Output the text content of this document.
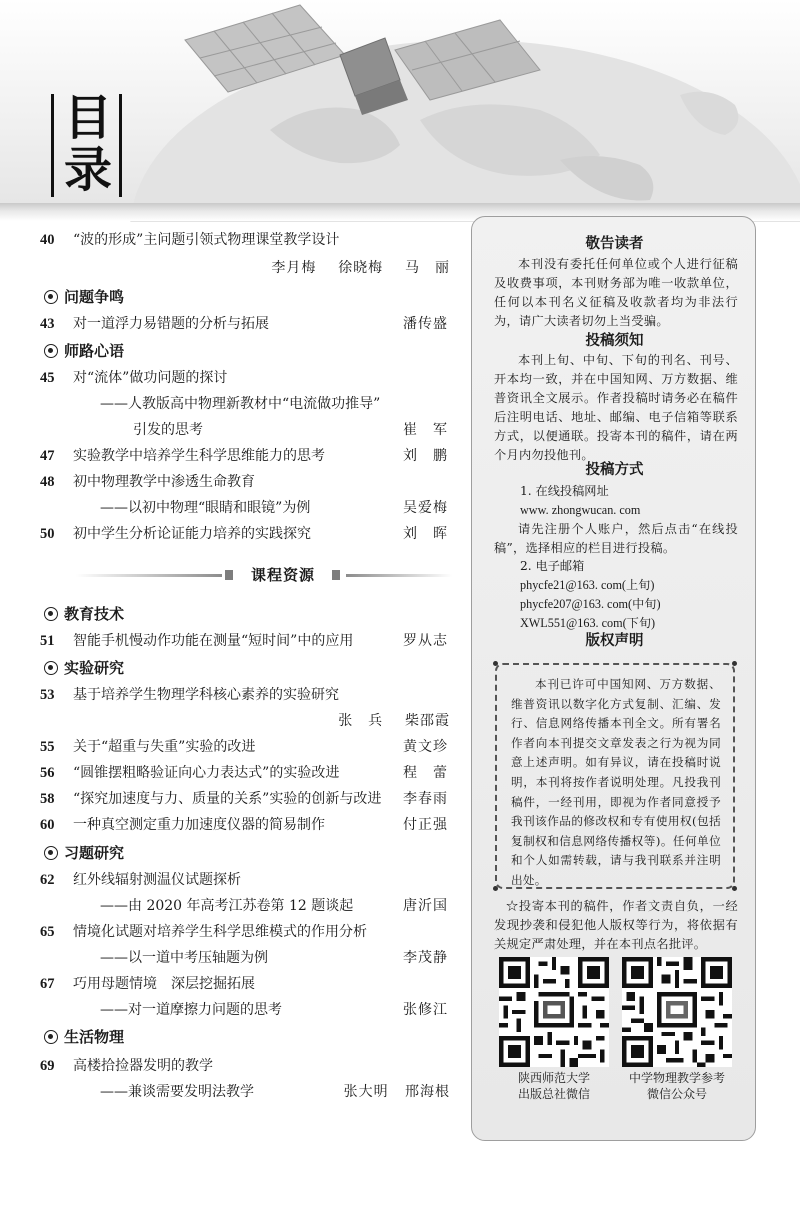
目
录
40 “波的形成”主问题引领式物理课堂教学设计
李月梅 徐晓梅 马　丽
问题争鸣
43 对一道浮力易错题的分析与拓展	潘传盛
师路心语
45 对“流体”做功问题的探讨
——人教版高中物理新教材中“电流做功推导”
引发的思考	崔　军
47 实验教学中培养学生科学思维能力的思考	刘　鹏
48 初中物理教学中渗透生命教育
——以初中物理“眼睛和眼镜”为例	吴爱梅
50 初中学生分析论证能力培养的实践探究	刘　晖
教育技术
51 智能手机慢动作功能在测量“短时间”中的应用	罗从志
实验研究
53 基于培养学生物理学科核心素养的实验研究
张　兵 柴邵霞
55 关于“超重与失重”实验的改进	黄文珍
56 “圆锥摆粗略验证向心力表达式”的实验改进	程　蕾
58 “探究加速度与力、质量的关系”实验的创新与改进 李春雨
60 一种真空测定重力加速度仪器的简易制作	付正强
习题研究
62 红外线辐射测温仪试题探析
——由 2020 年高考江苏卷第 12 题谈起	唐沂国
65 情境化试题对培养学生科学思维模式的作用分析
——以一道中考压轴题为例	李茂静
67 巧用母题情境　深层挖掘拓展
——对一道摩擦力问题的思考	张修江
生活物理
69 高楼拾捡器发明的教学
——兼谈需要发明法教学	张大明 邢海根
课程资源
敬告读者
本刊没有委托任何单位或个人进行征稿及收费事项，本刊财务部为唯一收款单位，任何以本刊名义征稿及收款者均为非法行为，请广大读者切勿上当受骗。
投稿须知
本刊上旬、中旬、下旬的刊名、刊号、开本均一致，并在中国知网、万方数据、维普资讯全文展示。作者投稿时请务必在稿件后注明电话、地址、邮编、电子信箱等联系方式，以便通联。投寄本刊的稿件，请在两个月内勿投他刊。
投稿方式
1. 在线投稿网址
www. zhongwucan. com
请先注册个人账户，然后点击“在线投稿”，选择相应的栏目进行投稿。
2. 电子邮箱
phycfe21@163. com(上旬)
phycfe207@163. com(中旬)
XWL551@163. com(下旬)
版权声明
本刊已许可中国知网、万方数据、维普资讯以数字化方式复制、汇编、发行、信息网络传播本刊全文。所有署名作者向本刊提交文章发表之行为视为同意上述声明。如有异议，请在投稿时说明，本刊将按作者说明处理。凡投我刊稿件，一经刊用，即视为作者同意授予我刊该作品的修改权和专有使用权(包括复制权和信息网络传播权等)。任何单位和个人如需转载，请与我刊联系并注明出处。
☆投寄本刊的稿件，作者文责自负，一经发现抄袭和侵犯他人版权等行为，将依据有关规定严肃处理，并在本刊点名批评。
陕西师范大学
出版总社微信
中学物理教学参考
微信公众号
